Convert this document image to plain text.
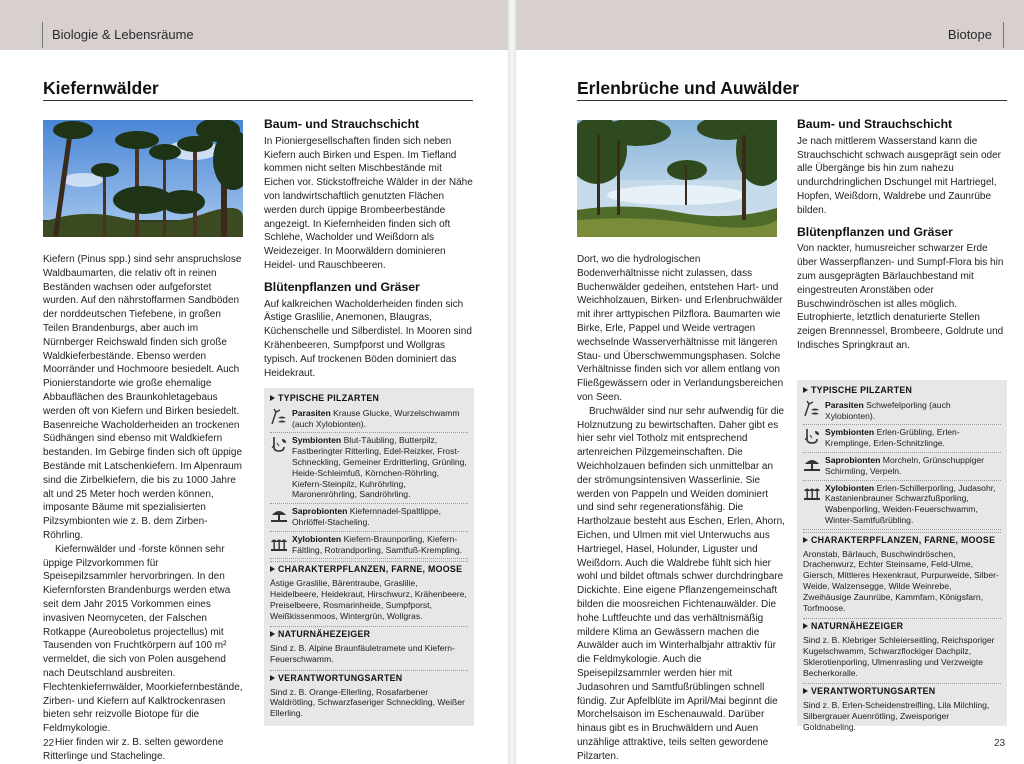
Biologie & Lebensräume	Biotope
Kiefernwälder

Kiefern (Pinus spp.) sind sehr anspruchslose Waldbaumarten, die relativ oft in reinen Beständen wachsen oder aufgeforstet wurden. Auf den nährstoffarmen Sandböden der norddeutschen Tiefebene, in großen Teilen Brandenburgs, aber auch im Nürnberger Reichswald finden sich große Waldkieferbestände. Ebenso werden Moorränder und Hochmoore besiedelt. Auch Pionierstandorte wie große ehemalige Abbauflächen des Braunkohletagebaus werden oft von Kiefern und Birken besiedelt. Basenreiche Wacholderheiden an trockenen Südhängen sind ebenso mit Waldkiefern bestanden. Im Gebirge finden sich oft üppige Bestände mit Latschenkiefern. Im Alpenraum sind die Zirbelkiefern, die bis zu 1000 Jahre alt und 25 Meter hoch werden können, imposante Bäume mit spezialisierten Pilzsymbionten wie z. B. dem Zirben-Röhrling.

Kiefernwälder und -forste können sehr üppige Pilzvorkommen für Speisepilzsammler hervorbringen. In den Kiefernforsten Brandenburgs werden etwa seit dem Jahr 2015 Vorkommen eines invasiven Neomyceten, der Falschen Rotkappe (Aureoboletus projectellus) mit Tausenden von Fruchtkörpern auf 100 m² vermeldet, die sich von Polen ausgehend nach Deutschland ausbreiten. Flechtenkiefernwälder, Moorkiefernbestände, Zirben- und Kiefern auf Kalktrockenrasen bieten sehr reizvolle Biotope für die Feldmykologie.

Hier finden wir z. B. selten gewordene Ritterlinge und Stachelinge.

Baum- und Strauchschicht

In Pioniergesellschaften finden sich neben Kiefern auch Birken und Espen. Im Tiefland kommen nicht selten Mischbestände mit Eichen vor. Stickstoffreiche Wälder in der Nähe von landwirtschaftlich genutzten Flächen werden durch üppige Brombeerbestände angezeigt. In Kiefernheiden finden sich oft Schlehe, Wacholder und Weißdorn als Weidezeiger. In Moorwäldern dominieren Heidel- und Rauschbeeren.

Blütenpflanzen und Gräser

Auf kalkreichen Wacholderheiden finden sich Ästige Graslilie, Anemonen, Blaugras, Küchenschelle und Silberdistel. In Mooren sind Krähenbeeren, Sumpfporst und Wollgras typisch. Auf trockenen Böden dominiert das Heidekraut.

TYPISCHE PILZARTEN
Parasiten Krause Glucke, Wurzelschwamm (auch Xylobionten).
Symbionten Blut-Täubling, Butterpilz, Fastberingter Ritterling, Edel-Reizker, Frost-Schneckling, Gemeiner Erdritterling, Grünling, Heide-Schleimfuß, Körnchen-Röhrling, Kiefern-Steinpilz, Kuhröhrling, Maronenröhrling, Sandröhrling.
Saprobionten Kiefernnadel-Spaltlippe, Ohrlöffel-Stacheling.
Xylobionten Kiefern-Braunporling, Kiefern-Fältling, Rotrandporling, Samtfuß-Krempling.
CHARAKTERPFLANZEN, FARNE, MOOSE
Ästige Graslilie, Bärentraube, Graslilie, Heidelbeere, Heidekraut, Hirschwurz, Krähenbeere, Preiselbeere, Rosmarinheide, Sumpfporst, Weißkissenmoos, Wintergrün, Wollgras.
NATURNÄHEZEIGER
Sind z. B. Alpine Braunfäuletramete und Kiefern-Feuerschwamm.
VERANTWORTUNGSARTEN
Sind z. B. Orange-Ellerling, Rosafarbener Waldrötling, Schwarzfaseriger Schneckling, Weißer Ellerling.
22
Erlenbrüche und Auwälder

Dort, wo die hydrologischen Bodenverhältnisse nicht zulassen, dass Buchenwälder gedeihen, entstehen Hart- und Weichholzauen, Birken- und Erlenbruchwälder mit ihrer arttypischen Pilzflora. Baumarten wie Birke, Erle, Pappel und Weide vertragen wechselnde Wasserverhältnisse mit längeren Stau- und Überschwemmungsphasen. Solche Verhältnisse finden sich vor allem entlang von Fließgewässern oder in Verlandungsbereichen von Seen.

Bruchwälder sind nur sehr aufwendig für die Holznutzung zu bewirtschaften. Daher gibt es hier sehr viel Totholz mit entsprechend artenreichen Pilzgemeinschaften. Die Weichholzauen befinden sich unmittelbar an der strömungsintensiven Wasserlinie. Sie werden von Pappeln und Weiden dominiert und sind sehr regenerationsfähig. Die Hartholzaue besteht aus Eschen, Erlen, Ahorn, Eichen, und Ulmen mit viel Unterwuchs aus Hartriegel, Hasel, Holunder, Liguster und Weißdorn. Auch die Waldrebe fühlt sich hier wohl und bildet oftmals schwer durchdringbare Dickichte. Eine eigene Pflanzengemeinschaft bilden die moosreichen Fichtenauwälder. Die hohe Luftfeuchte und das verhältnismäßig mildere Klima an Gewässern machen die Auwälder auch im Winterhalbjahr attraktiv für die Feldmykologie. Auch die Speisepilzsammler werden hier mit Judasohren und Samtfußrüblingen schnell fündig. Zur Apfelblüte im April/Mai beginnt die Morchelsaison im Eschenauwald. Darüber hinaus gibt es in Bruchwäldern und Auen unzählige attraktive, teils selten gewordene Pilzarten.

Baum- und Strauchschicht

Je nach mittlerem Wasserstand kann die Strauchschicht schwach ausgeprägt sein oder alle Übergänge bis hin zum nahezu undurchdringlichen Dschungel mit Hartriegel, Hopfen, Weißdorn, Waldrebe und Zaunrübe bilden.

Blütenpflanzen und Gräser

Von nackter, humusreicher schwarzer Erde über Wasserpflanzen- und Sumpf-Flora bis hin zum ausgeprägten Bärlauchbestand mit eingestreuten Aronstäben oder Buschwindröschen ist alles möglich. Eutrophierte, letztlich denaturierte Stellen zeigen Brennnessel, Brombeere, Goldrute und Indisches Springkraut an.

TYPISCHE PILZARTEN
Parasiten Schwefelporling (auch Xylobionten).
Symbionten Erlen-Grübling, Erlen-Kremplinge, Erlen-Schnitzlinge.
Saprobionten Morcheln, Grünschuppiger Schirmling, Verpeln.
Xylobionten Erlen-Schillerporling, Judasohr, Kastanienbrauner Schwarzfußporling, Wabenporling, Weiden-Feuerschwamm, Winter-Samtfußrübling.
CHARAKTERPFLANZEN, FARNE, MOOSE
Aronstab, Bärlauch, Buschwindröschen, Drachenwurz, Echter Steinsame, Feld-Ulme, Giersch, Mittleres Hexenkraut, Purpurweide, Silber-Weide, Walzensegge, Wilde Weinrebe, Zweihäusige Zaunrübe, Kammfarn, Königsfarn, Torfmoose.
NATURNÄHEZEIGER
Sind z. B. Klebriger Schleierseitling, Reichsporiger Kugelschwamm, Schwarzflockiger Dachpilz, Sklerotienporling, Ulmenrasling und Verzweigte Becherkoralle.
VERANTWORTUNGSARTEN
Sind z. B. Erlen-Scheidenstreifling, Lila Milchling, Silbergrauer Auenrötling, Zweisporiger Goldnabeling.
23
